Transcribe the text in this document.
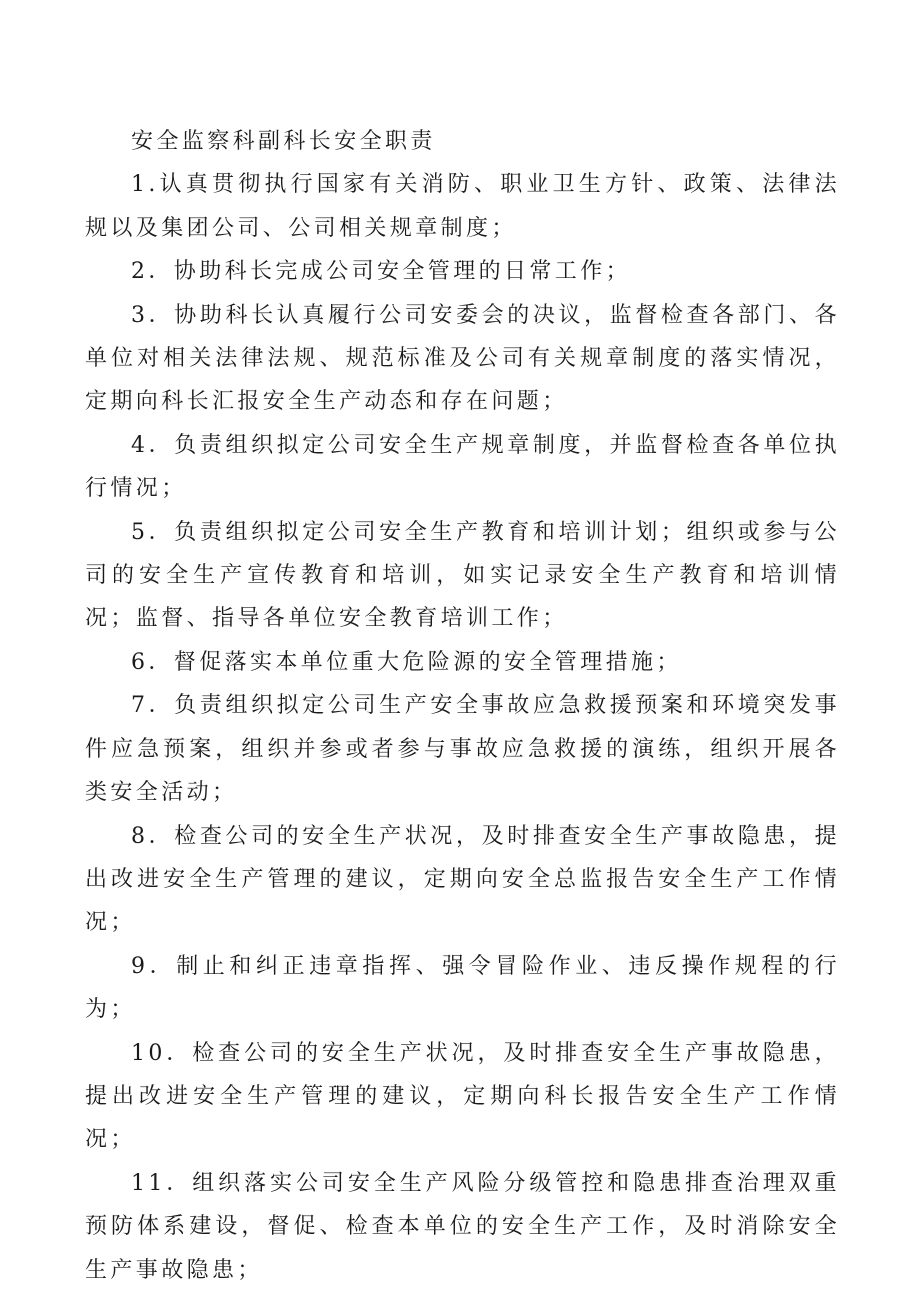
安全监察科副科长安全职责

1.认真贯彻执行国家有关消防、职业卫生方针、政策、法律法规以及集团公司、公司相关规章制度；

2．协助科长完成公司安全管理的日常工作；

3．协助科长认真履行公司安委会的决议，监督检查各部门、各单位对相关法律法规、规范标准及公司有关规章制度的落实情况，定期向科长汇报安全生产动态和存在问题；

4．负责组织拟定公司安全生产规章制度，并监督检查各单位执行情况；

5．负责组织拟定公司安全生产教育和培训计划；组织或参与公司的安全生产宣传教育和培训，如实记录安全生产教育和培训情况；监督、指导各单位安全教育培训工作；

6．督促落实本单位重大危险源的安全管理措施；

7．负责组织拟定公司生产安全事故应急救援预案和环境突发事件应急预案，组织并参或者参与事故应急救援的演练，组织开展各类安全活动；

8．检查公司的安全生产状况，及时排查安全生产事故隐患，提出改进安全生产管理的建议，定期向安全总监报告安全生产工作情况；

9．制止和纠正违章指挥、强令冒险作业、违反操作规程的行为；

10．检查公司的安全生产状况，及时排查安全生产事故隐患，提出改进安全生产管理的建议，定期向科长报告安全生产工作情况；

11．组织落实公司安全生产风险分级管控和隐患排查治理双重预防体系建设，督促、检查本单位的安全生产工作，及时消除安全生产事故隐患；
